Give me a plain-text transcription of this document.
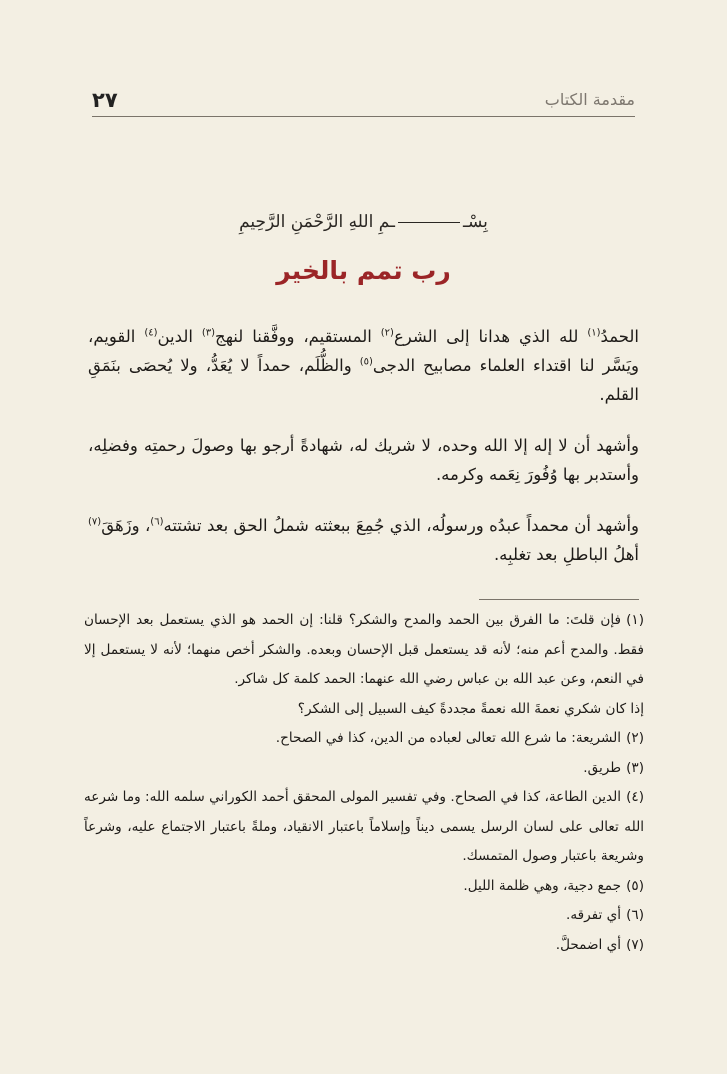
٢٧	مقدمة الكتاب
بِسْــمِ اللهِ الرَّحْمَنِ الرَّحِيمِ
رب تمم بالخير

الحمدُ$^{(١)}$ لله الذي هدانا إلى الشرع$^{(٢)}$ المستقيم، ووفَّقنا لنهج$^{(٣)}$ الدين$^{(٤)}$ القويم، ويَسَّر لنا اقتداء العلماء مصابيح الدجى$^{(٥)}$ والظُّلَم، حمداً لا يُعَدُّ، ولا يُحصَى بنَمَقِ القلم.

وأشهد أن لا إله إلا الله وحده، لا شريك له، شهادةً أرجو بها وصولَ رحمتِه وفضلِه، وأستدبر بها وُفُورَ نِعَمه وكرمه.

وأشهد أن محمداً عبدُه ورسولُه، الذي جُمِعَ ببعثته شملُ الحق بعد تشتته$^{(٦)}$، وزَهَقَ$^{(٧)}$ أهلُ الباطلِ بعد تغلبِه.

(١)فإن قلتَ: ما الفرق بين الحمد والمدح والشكر؟ قلنا: إن الحمد هو الذي يستعمل بعد الإحسان فقط. والمدح أعم منه؛ لأنه قد يستعمل قبل الإحسان وبعده. والشكر أخص منهما؛ لأنه لا يستعمل إلا في النعم، وعن عبد الله بن عباس رضي الله عنهما: الحمد كلمة كل شاكر.

إذا كان شكري نعمةَ الله نعمةً مجددةً كيف السبيل إلى الشكر؟

(٢)الشريعة: ما شرع الله تعالى لعباده من الدين، كذا في الصحاح.

(٣)طريق.

(٤)الدين الطاعة، كذا في الصحاح. وفي تفسير المولى المحقق أحمد الكوراني سلمه الله: وما شرعه الله تعالى على لسان الرسل يسمى ديناً وإسلاماً باعتبار الانقياد، وملةً باعتبار الاجتماع عليه، وشرعاً وشريعة باعتبار وصول المتمسك.

(٥)جمع دجية، وهي ظلمة الليل.

(٦)أي تفرقه.

(٧)أي اضمحلَّ.
